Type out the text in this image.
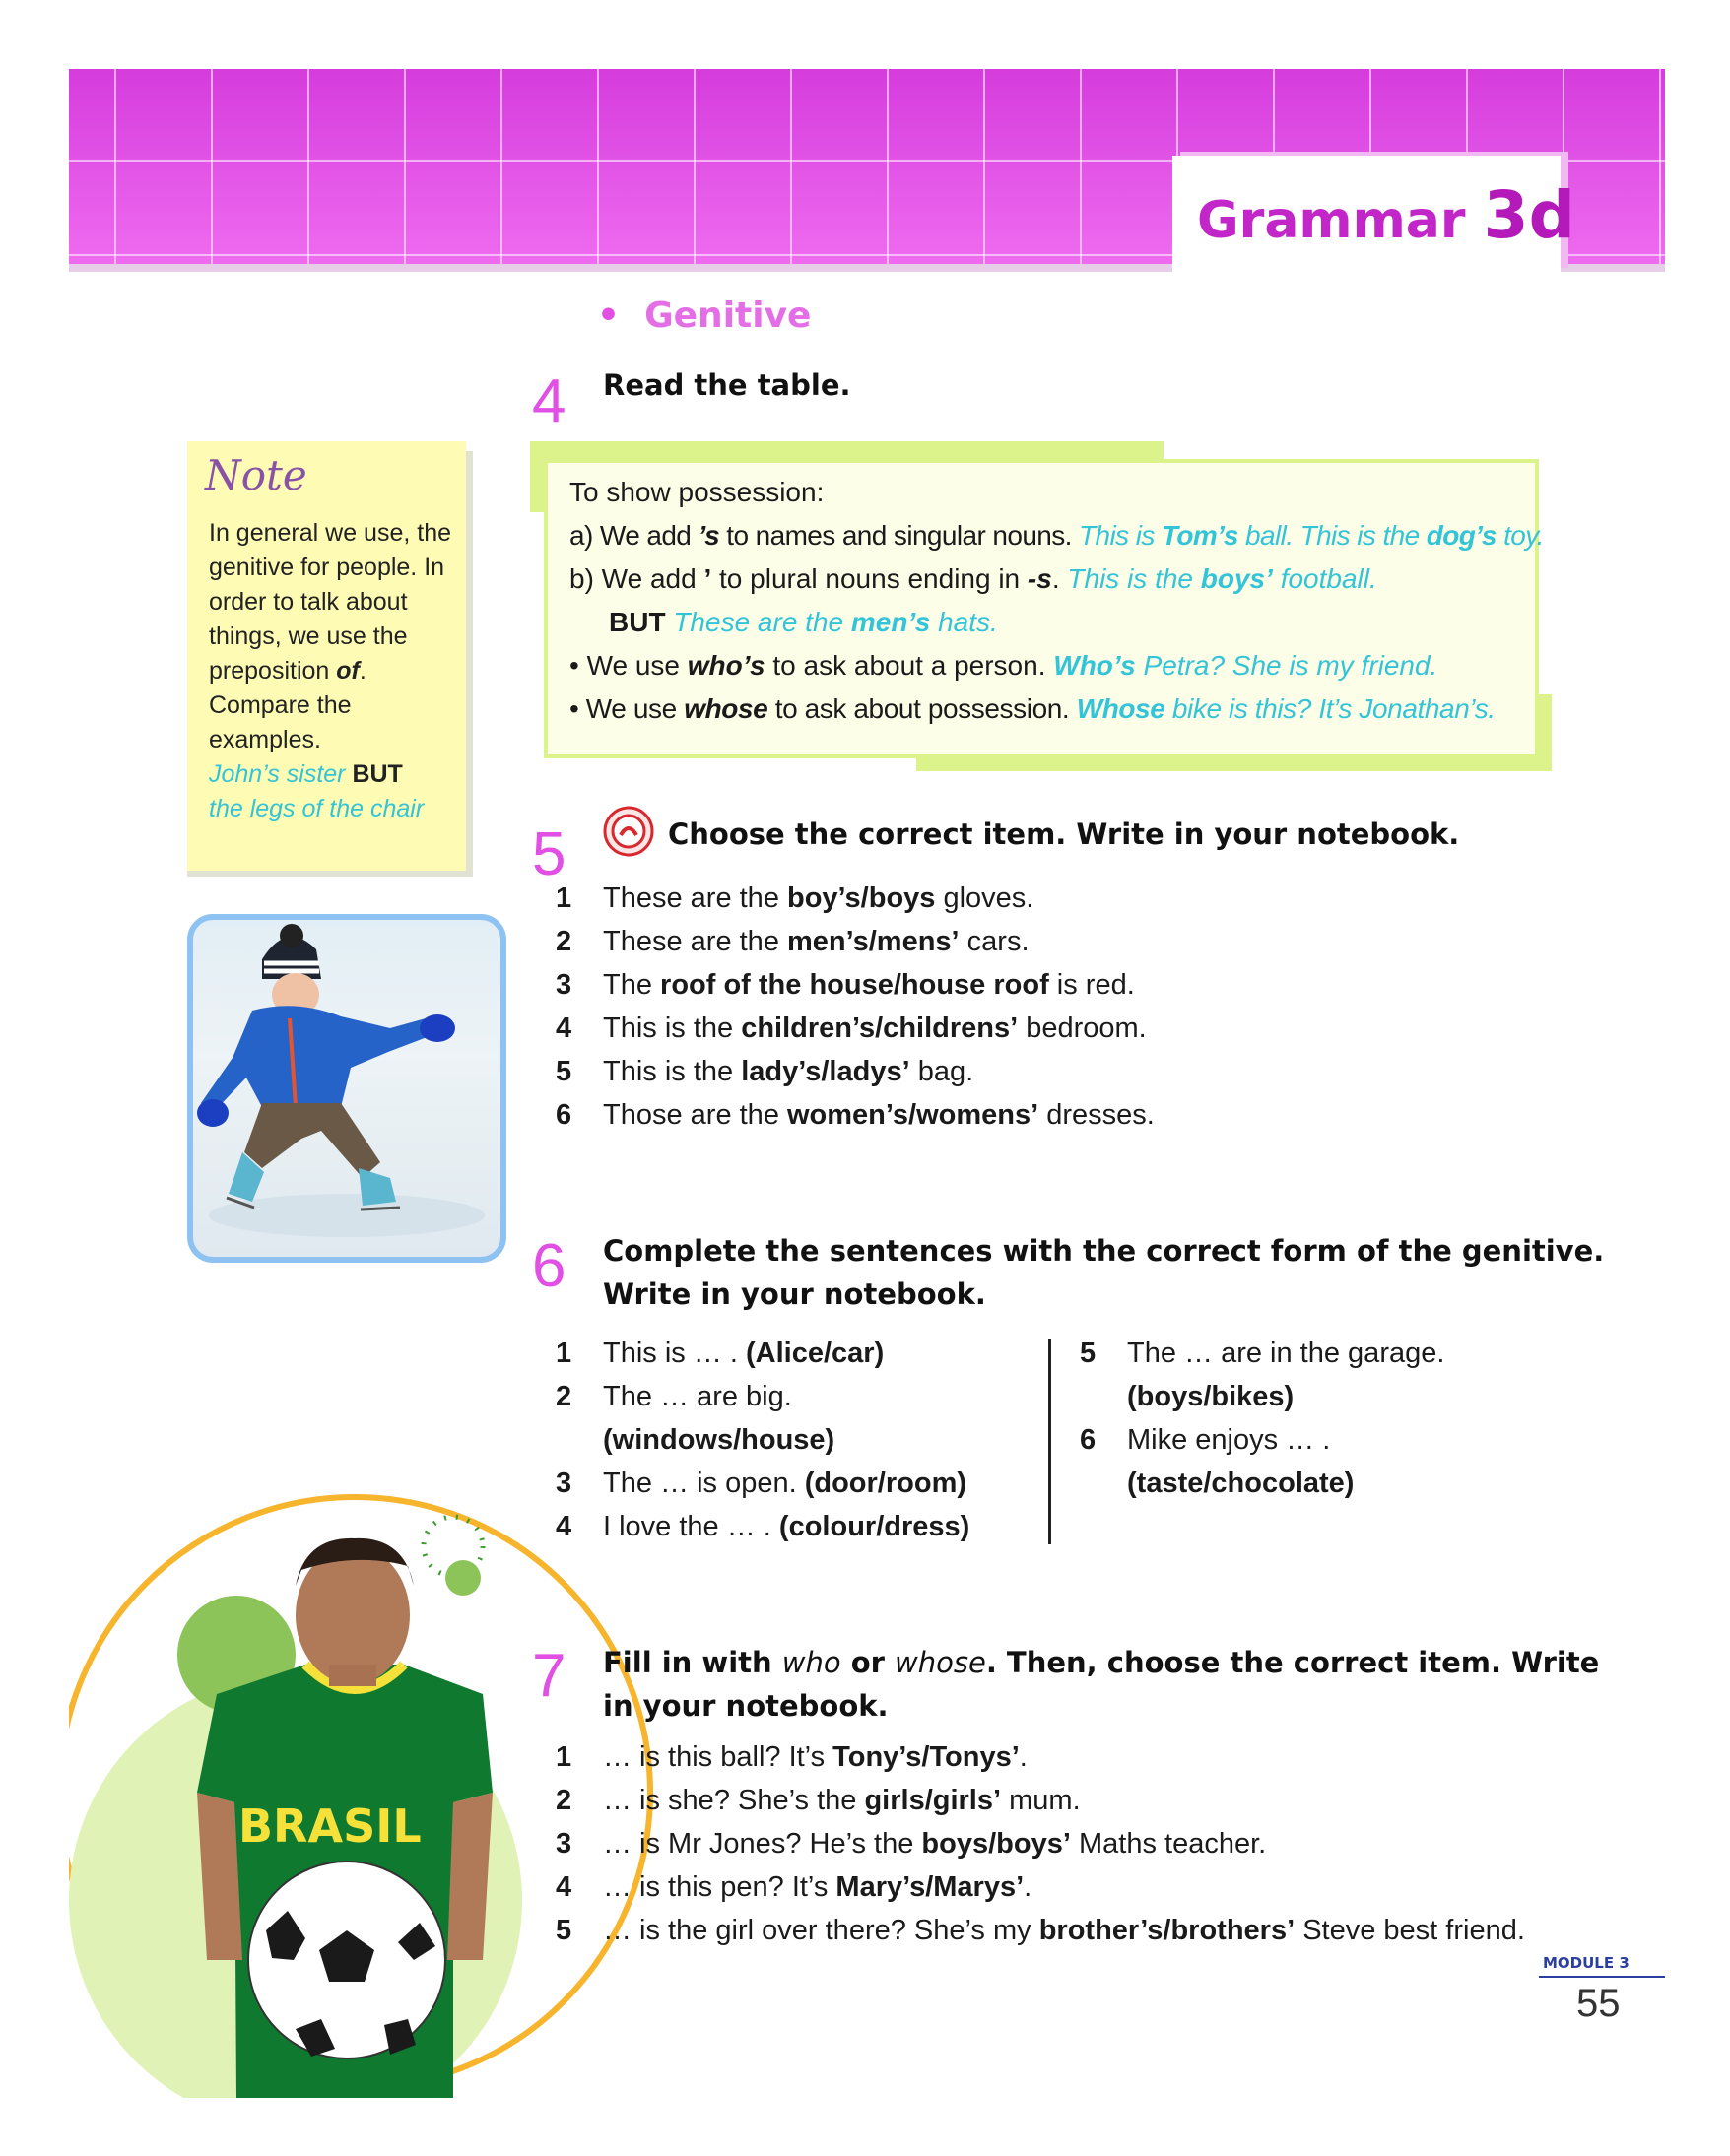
Grammar 3d
• Genitive
4 Read the table.
Note
In general we use, the genitive for people. In order to talk about things, we use the preposition of. Compare the examples.
John’s sister BUT
the legs of the chair
To show possession:
a) We add ’s to names and singular nouns. This is Tom’s ball. This is the dog’s toy.
b) We add ’ to plural nouns ending in -s. This is the boys’ football.
BUT These are the men’s hats.
• We use who’s to ask about a person. Who’s Petra? She is my friend.
• We use whose to ask about possession. Whose bike is this? It’s Jonathan’s.
5	Choose the correct item. Write in your notebook.
1 These are the boy’s/boys gloves.
2 These are the men’s/mens’ cars.
3 The roof of the house/house roof is red.
4 This is the children’s/childrens’ bedroom.
5 This is the lady’s/ladys’ bag.
6 Those are the women’s/womens’ dresses.
6 Complete the sentences with the correct form of the genitive.
Write in your notebook.
1 This is … . (Alice/car)
2 The … are big.
(windows/house)
3 The … is open. (door/room)
4 I love the … . (colour/dress)
5 The … are in the garage.
(boys/bikes)
6 Mike enjoys … .
(taste/chocolate)
BRASIL
7 Fill in with who or whose. Then, choose the correct item. Write
in your notebook.
1 … is this ball? It’s Tony’s/Tonys’.
2 … is she? She’s the girls/girls’ mum.
3 … is Mr Jones? He’s the boys/boys’ Maths teacher.
4 … is this pen? It’s Mary’s/Marys’.
5 … is the girl over there? She’s my brother’s/brothers’ Steve best friend.
MODULE 3
55
